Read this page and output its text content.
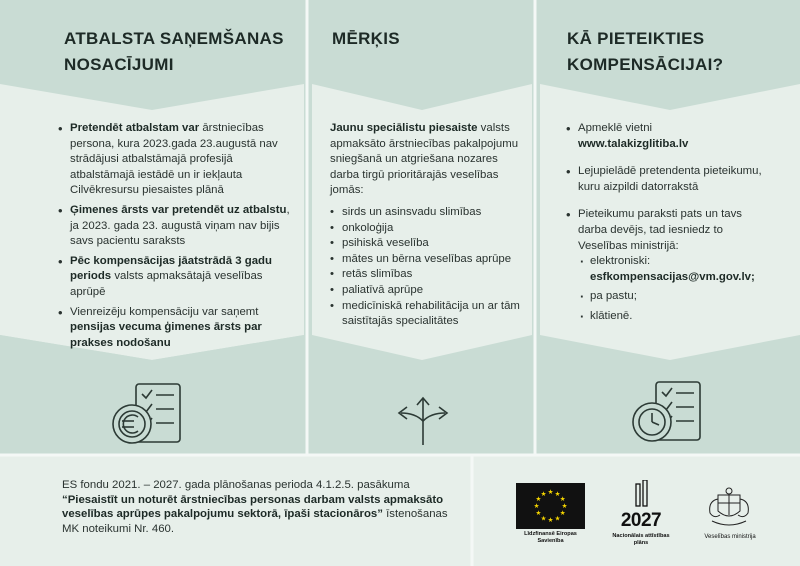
ATBALSTA SAŅEMŠANAS NOSACĪJUMI
• Pretendēt atbalstam var ārstniecības persona, kura 2023.gada 23.augustā nav strādājusi atbalstāmajā profesijā atbalstāmajā iestādē un ir iekļauta Cilvēkresursu piesaistes plānā
• Ģimenes ārsts var pretendēt uz atbalstu, ja 2023. gada 23. augustā viņam nav bijis savs pacientu saraksts
• Pēc kompensācijas jāatstrādā 3 gadu periods valsts apmaksātajā veselības aprūpē
• Vienreizēju kompensāciju var saņemt pensijas vecuma ģimenes ārsts par prakses nodošanu
MĒRĶIS
Jaunu speciālistu piesaiste valsts apmaksāto ārstniecības pakalpojumu sniegšanā un atgriešana nozares darba tirgū prioritārajās veselības jomās:
• sirds un asinsvadu slimības
• onkoloģija
• psihiskā veselība
• mātes un bērna veselības aprūpe
• retās slimības
• paliatīvā aprūpe
• medicīniskā rehabilitācija un ar tām saistītajās specialitātes
KĀ PIETEIKTIES KOMPENSĀCIJAI?
• Apmeklē vietni
www.talakizglitiba.lv
• Lejupielādē pretendenta pieteikumu, kuru aizpildi datorrakstā
• Pieteikumu paraksti pats un tavs darba devējs, tad iesniedz to Veselības ministrijā:
· elektroniski:
esfkompensacijas@vm.gov.lv;
· pa pastu;
· klātienē.
ES fondu 2021. – 2027. gada plānošanas perioda 4.1.2.5. pasākuma
“Piesaistīt un noturēt ārstniecības personas darbam valsts apmaksāto veselības aprūpes pakalpojumu sektorā, īpaši stacionāros” īstenošanas MK noteikumi Nr. 460.
★
★
★
★
★
★
★
★
★ ★ ★
★
Līdzfinansē Eiropas Savienība
2027
Nacionālais attīstības plāns
Veselības ministrija
